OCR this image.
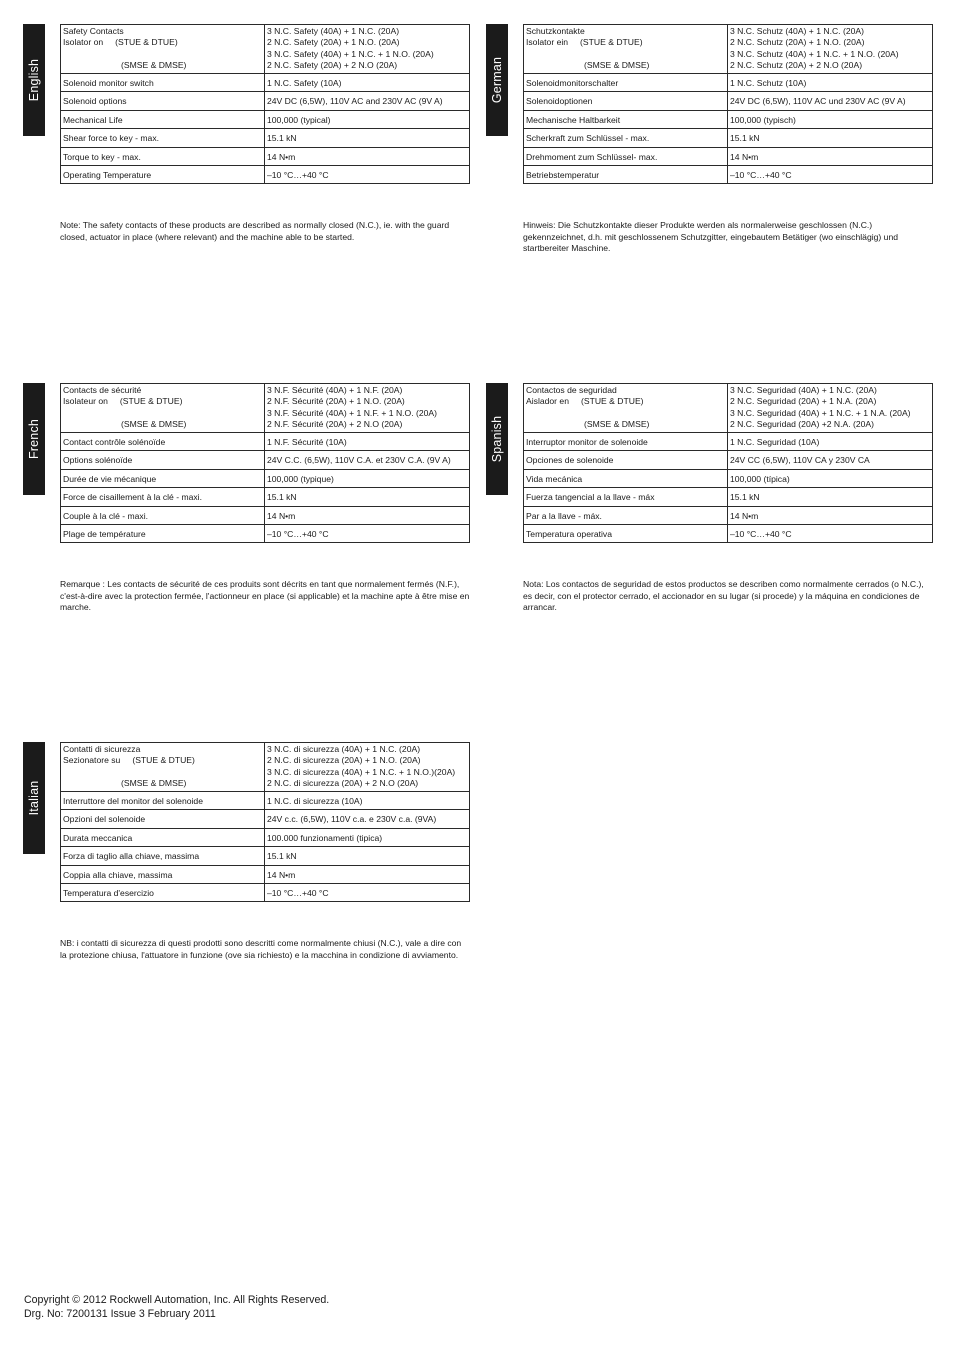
English
Safety Contacts
Isolator on (STUE & DTUE)
(SMSE & DMSE)	3 N.C. Safety (40A) + 1 N.C. (20A)
2 N.C. Safety (20A) + 1 N.O. (20A)
3 N.C. Safety (40A) + 1 N.C. + 1 N.O. (20A)
2 N.C. Safety (20A) + 2 N.O (20A)

Solenoid monitor switch	1 N.C. Safety (10A)
Solenoid options	24V DC (6,5W), 110V AC and 230V AC (9V A)
Mechanical Life	100,000 (typical)
Shear force to key - max.	15.1 kN
Torque to key - max.	14 N•m
Operating Temperature	–10 °C…+40 °C
Note: The safety contacts of these products are described as normally closed (N.C.), ie. with the guard closed, actuator in place (where relevant) and the machine able to be started.
German
Schutzkontakte
Isolator ein (STUE & DTUE)
(SMSE & DMSE)	3 N.C. Schutz (40A) + 1 N.C. (20A)
2 N.C. Schutz (20A) + 1 N.O. (20A)
3 N.C. Schutz (40A) + 1 N.C. + 1 N.O. (20A)
2 N.C. Schutz (20A) + 2 N.O (20A)

Solenoidmonitorschalter	1 N.C. Schutz (10A)
Solenoidoptionen	24V DC (6,5W), 110V AC und 230V AC (9V A)
Mechanische Haltbarkeit	100,000 (typisch)
Scherkraft zum Schlüssel - max.	15.1 kN
Drehmoment zum Schlüssel- max.	14 N•m
Betriebstemperatur	–10 °C…+40 °C
Hinweis: Die Schutzkontakte dieser Produkte werden als normalerweise geschlossen (N.C.) gekennzeichnet, d.h. mit geschlossenem Schutzgitter, eingebautem Betätiger (wo einschlägig) und startbereiter Maschine.
French
Contacts de sécurité
Isolateur on (STUE & DTUE)
(SMSE & DMSE)	3 N.F. Sécurité (40A) + 1 N.F. (20A)
2 N.F. Sécurité (20A) + 1 N.O. (20A)
3 N.F. Sécurité (40A) + 1 N.F. + 1 N.O. (20A)
2 N.F. Sécurité (20A) + 2 N.O (20A)

Contact contrôle solénoïde	1 N.F. Sécurité (10A)
Options solénoïde	24V C.C. (6,5W), 110V C.A. et 230V C.A. (9V A)
Durée de vie mécanique	100,000 (typique)
Force de cisaillement à la clé - maxi.	15.1 kN
Couple à la clé - maxi.	14 N•m
Plage de température	–10 °C…+40 °C
Remarque : Les contacts de sécurité de ces produits sont décrits en tant que normalement fermés (N.F.), c'est-à-dire avec la protection fermée, l'actionneur en place (si applicable) et la machine apte à être mise en marche.
Spanish
Contactos de seguridad
Aislador en (STUE & DTUE)
(SMSE & DMSE)	3 N.C. Seguridad (40A) + 1 N.C. (20A)
2 N.C. Seguridad (20A) + 1 N.A. (20A)
3 N.C. Seguridad (40A) + 1 N.C. + 1 N.A. (20A)
2 N.C. Seguridad (20A) +2 N.A. (20A)

Interruptor monitor de solenoide	1 N.C. Seguridad (10A)
Opciones de solenoide	24V CC (6,5W), 110V CA y 230V CA
Vida mecánica	100,000 (típica)
Fuerza tangencial a la llave - máx	15.1 kN
Par a la llave - máx.	14 N•m
Temperatura operativa	–10 °C…+40 °C
Nota: Los contactos de seguridad de estos productos se describen como normalmente cerrados (o N.C.), es decir, con el protector cerrado, el accionador en su lugar (si procede) y la máquina en condiciones de arrancar.
Italian
Contatti di sicurezza
Sezionatore su (STUE & DTUE)
(SMSE & DMSE)	3 N.C. di sicurezza (40A) + 1 N.C. (20A)
2 N.C. di sicurezza (20A) + 1 N.O. (20A)
3 N.C. di sicurezza (40A) + 1 N.C. + 1 N.O.)(20A)
2 N.C. di sicurezza (20A) + 2 N.O (20A)

Interruttore del monitor del solenoide	1 N.C. di sicurezza (10A)
Opzioni del solenoide	24V c.c. (6,5W), 110V c.a. e 230V c.a. (9VA)
Durata meccanica	100.000 funzionamenti (tipica)
Forza di taglio alla chiave, massima	15.1 kN
Coppia alla chiave, massima	14 N•m
Temperatura d'esercizio	–10 °C…+40 °C
NB: i contatti di sicurezza di questi prodotti sono descritti come normalmente chiusi (N.C.), vale a dire con la protezione chiusa, l'attuatore in funzione (ove sia richiesto) e la macchina in condizione di avviamento.
Copyright © 2012 Rockwell Automation, Inc. All Rights Reserved.
Drg. No: 7200131 Issue 3 February 2011
